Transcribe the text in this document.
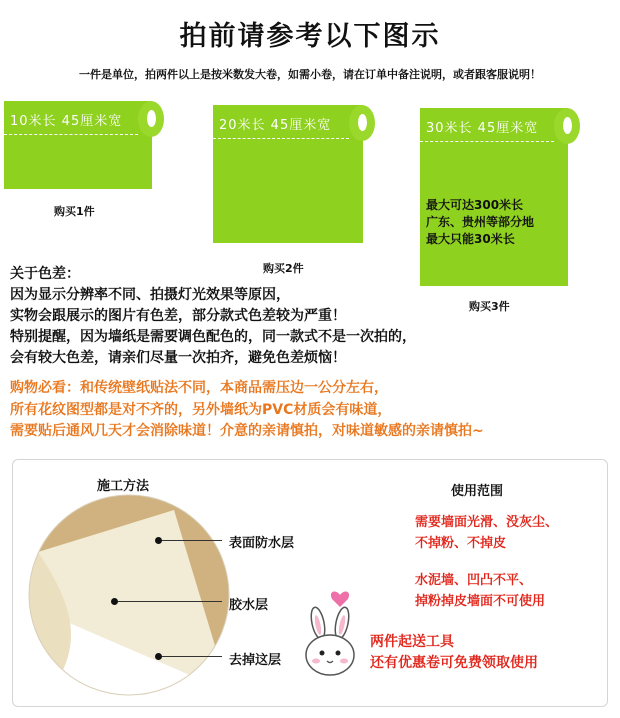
拍前请参考以下图示
一件是单位，拍两件以上是按米数发大卷，如需小卷，请在订单中备注说明，或者跟客服说明！
10米长 45厘米宽
购买1件
20米长 45厘米宽
购买2件
30米长 45厘米宽
最大可达300米长
广东、贵州等部分地
最大只能30米长
购买3件
关于色差：
因为显示分辨率不同、拍摄灯光效果等原因，
实物会跟展示的图片有色差，部分款式色差较为严重！
特别提醒，因为墙纸是需要调色配色的，同一款式不是一次拍的，
会有较大色差，请亲们尽量一次拍齐，避免色差烦恼！
购物必看：和传统壁纸贴法不同，本商品需压边一公分左右，
所有花纹图型都是对不齐的，另外墙纸为PVC材质会有味道，
需要贴后通风几天才会消除味道！介意的亲请慎拍，对味道敏感的亲请慎拍~
施工方法
表面防水层
胶水层
去掉这层
使用范围
需要墙面光滑、没灰尘、
不掉粉、不掉皮
水泥墙、凹凸不平、
掉粉掉皮墙面不可使用
两件起送工具
还有优惠卷可免费领取使用
